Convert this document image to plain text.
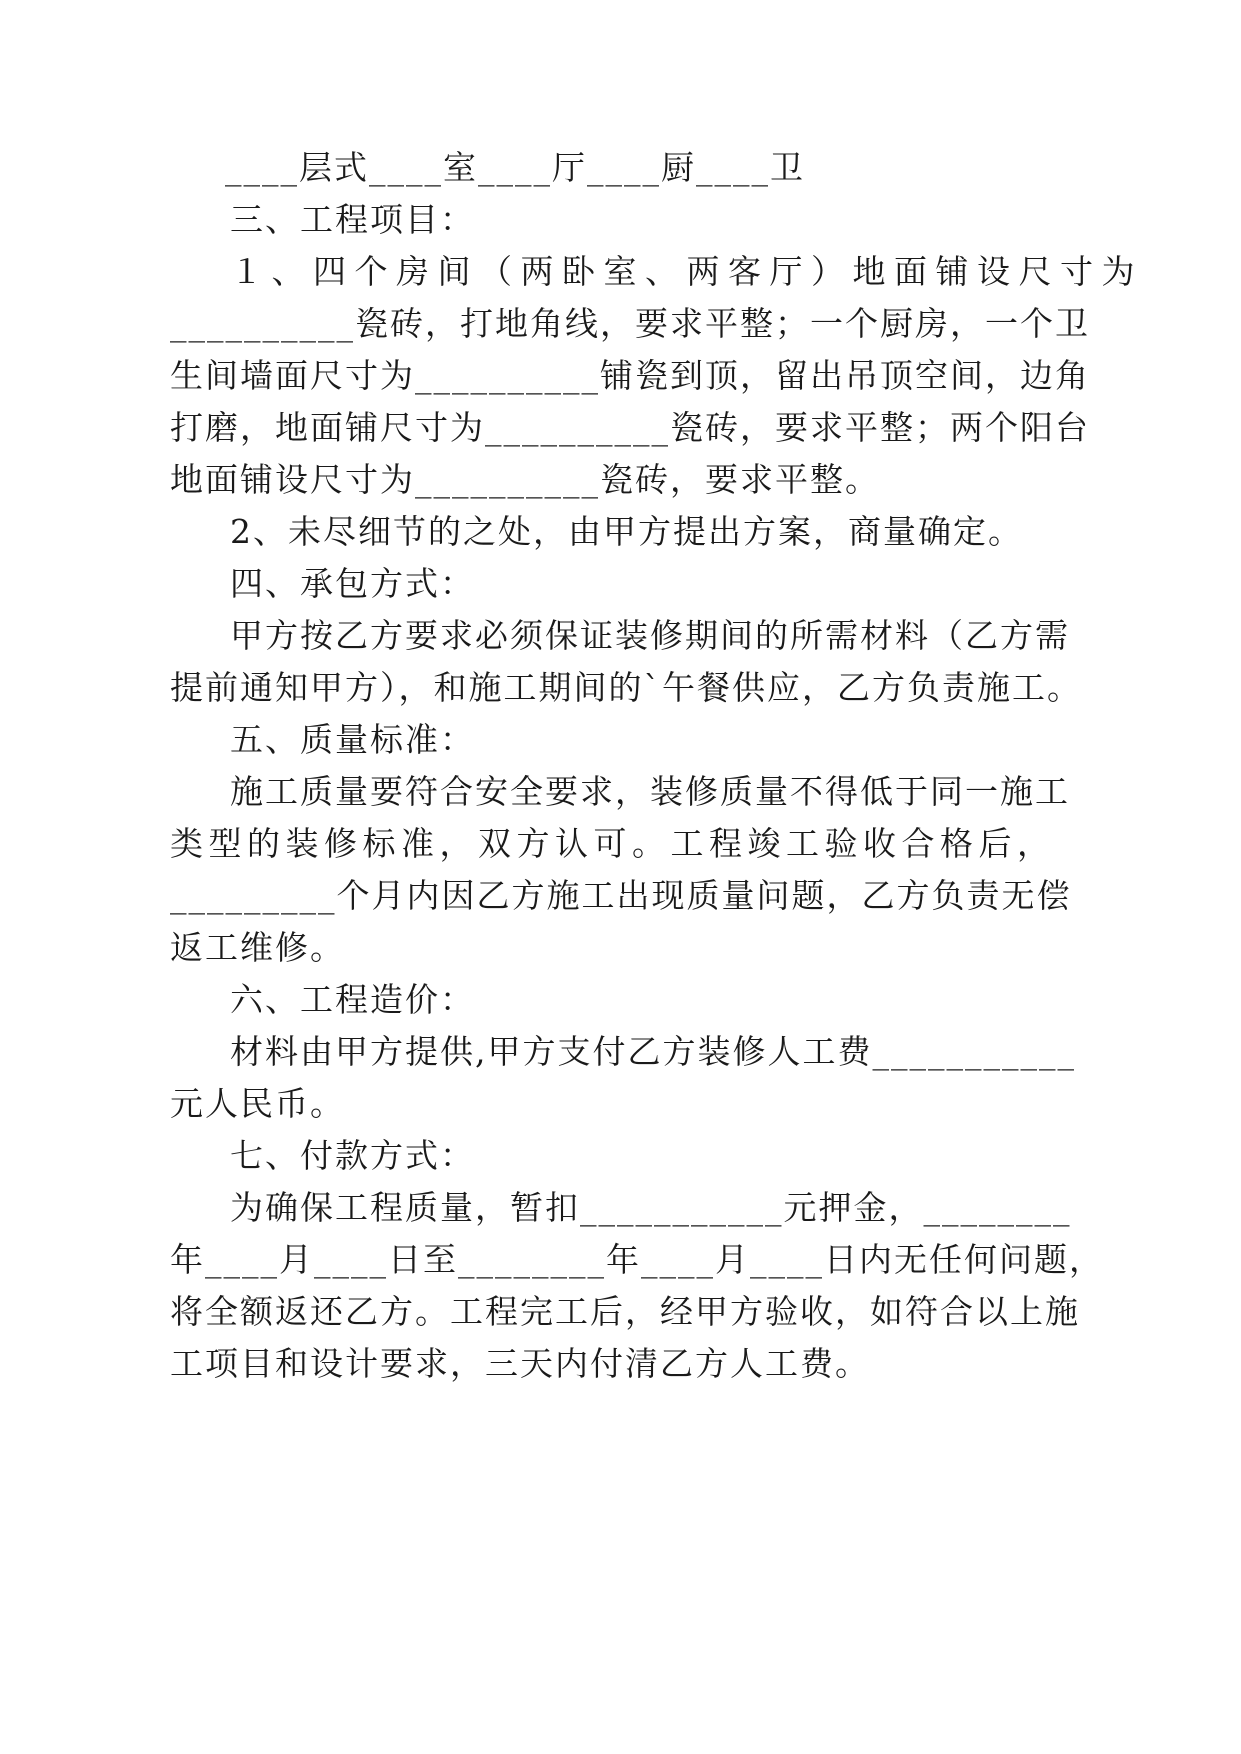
____层式____室____厅____厨____卫

三、工程项目：

１、四个房间（两卧室、两客厅）地面铺设尺寸为

__________瓷砖，打地角线，要求平整；一个厨房，一个卫

生间墙面尺寸为__________铺瓷到顶，留出吊顶空间，边角

打磨，地面铺尺寸为__________瓷砖，要求平整；两个阳台

地面铺设尺寸为__________瓷砖，要求平整。

2、未尽细节的之处，由甲方提出方案，商量确定。

四、承包方式：

甲方按乙方要求必须保证装修期间的所需材料（乙方需

提前通知甲方），和施工期间的`午餐供应，乙方负责施工。

五、质量标准：

施工质量要符合安全要求，装修质量不得低于同一施工

类型的装修标准，双方认可。工程竣工验收合格后，

_________个月内因乙方施工出现质量问题，乙方负责无偿

返工维修。

六、工程造价：

材料由甲方提供,甲方支付乙方装修人工费___________

元人民币。

七、付款方式：

为确保工程质量，暂扣___________元押金，________

年____月____日至________年____月____日内无任何问题，

将全额返还乙方。工程完工后，经甲方验收，如符合以上施

工项目和设计要求，三天内付清乙方人工费。
